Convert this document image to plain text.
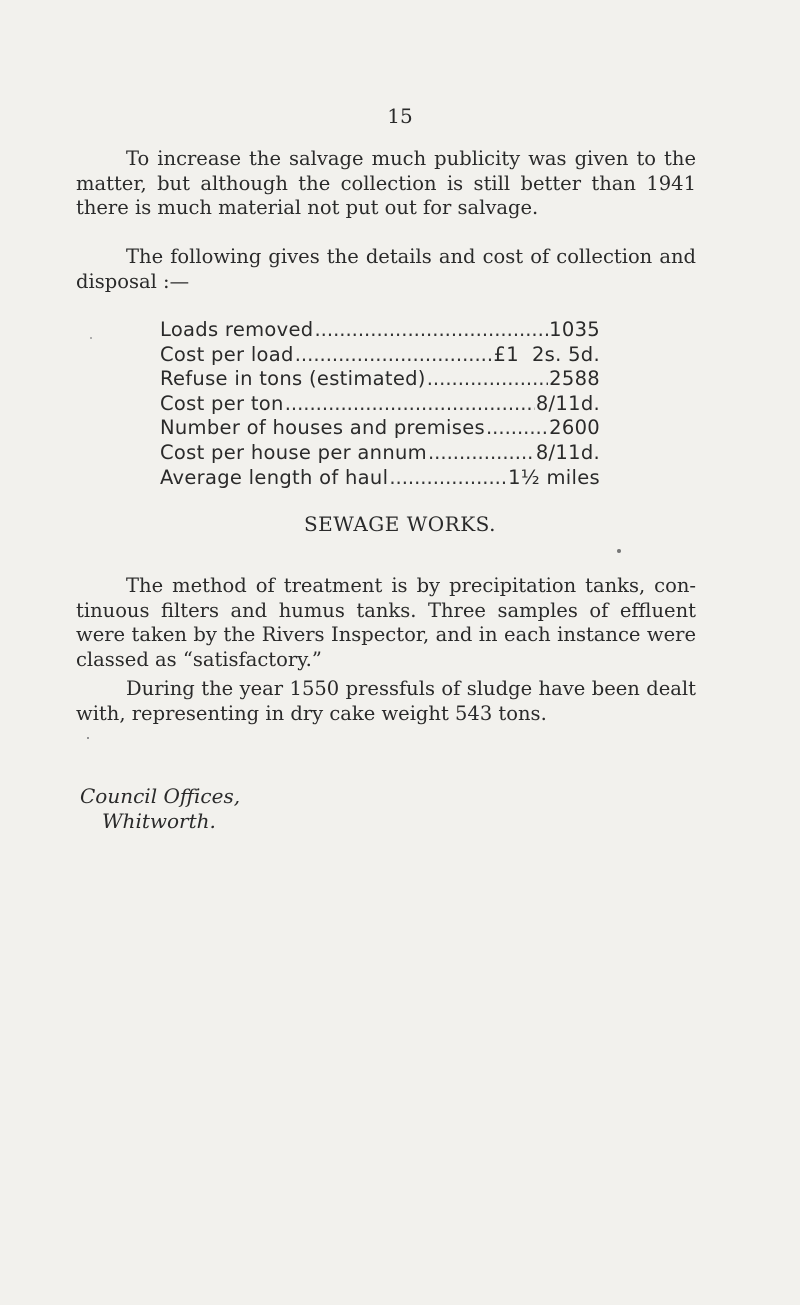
15

To increase the salvage much publicity was given to the matter, but although the collection is still better than 1941 there is much material not put out for salvage.

The following gives the details and cost of collection and disposal :—

Loads removed .....	1035
Cost per load .....	£1  2s. 5d.
Refuse in tons (estimated) .....	2588
Cost per ton .....	8/11d.
Number of houses and premises .....	2600
Cost per house per annum .....	8/11d.
Average length of haul .....	1½ miles
SEWAGE WORKS.

The method of treatment is by precipitation tanks, con-tinuous filters and humus tanks. Three samples of effluent were taken by the Rivers Inspector, and in each instance were classed as “satisfactory.”

During the year 1550 pressfuls of sludge have been dealt with, representing in dry cake weight 543 tons.

Council Offices,
Whitworth.
